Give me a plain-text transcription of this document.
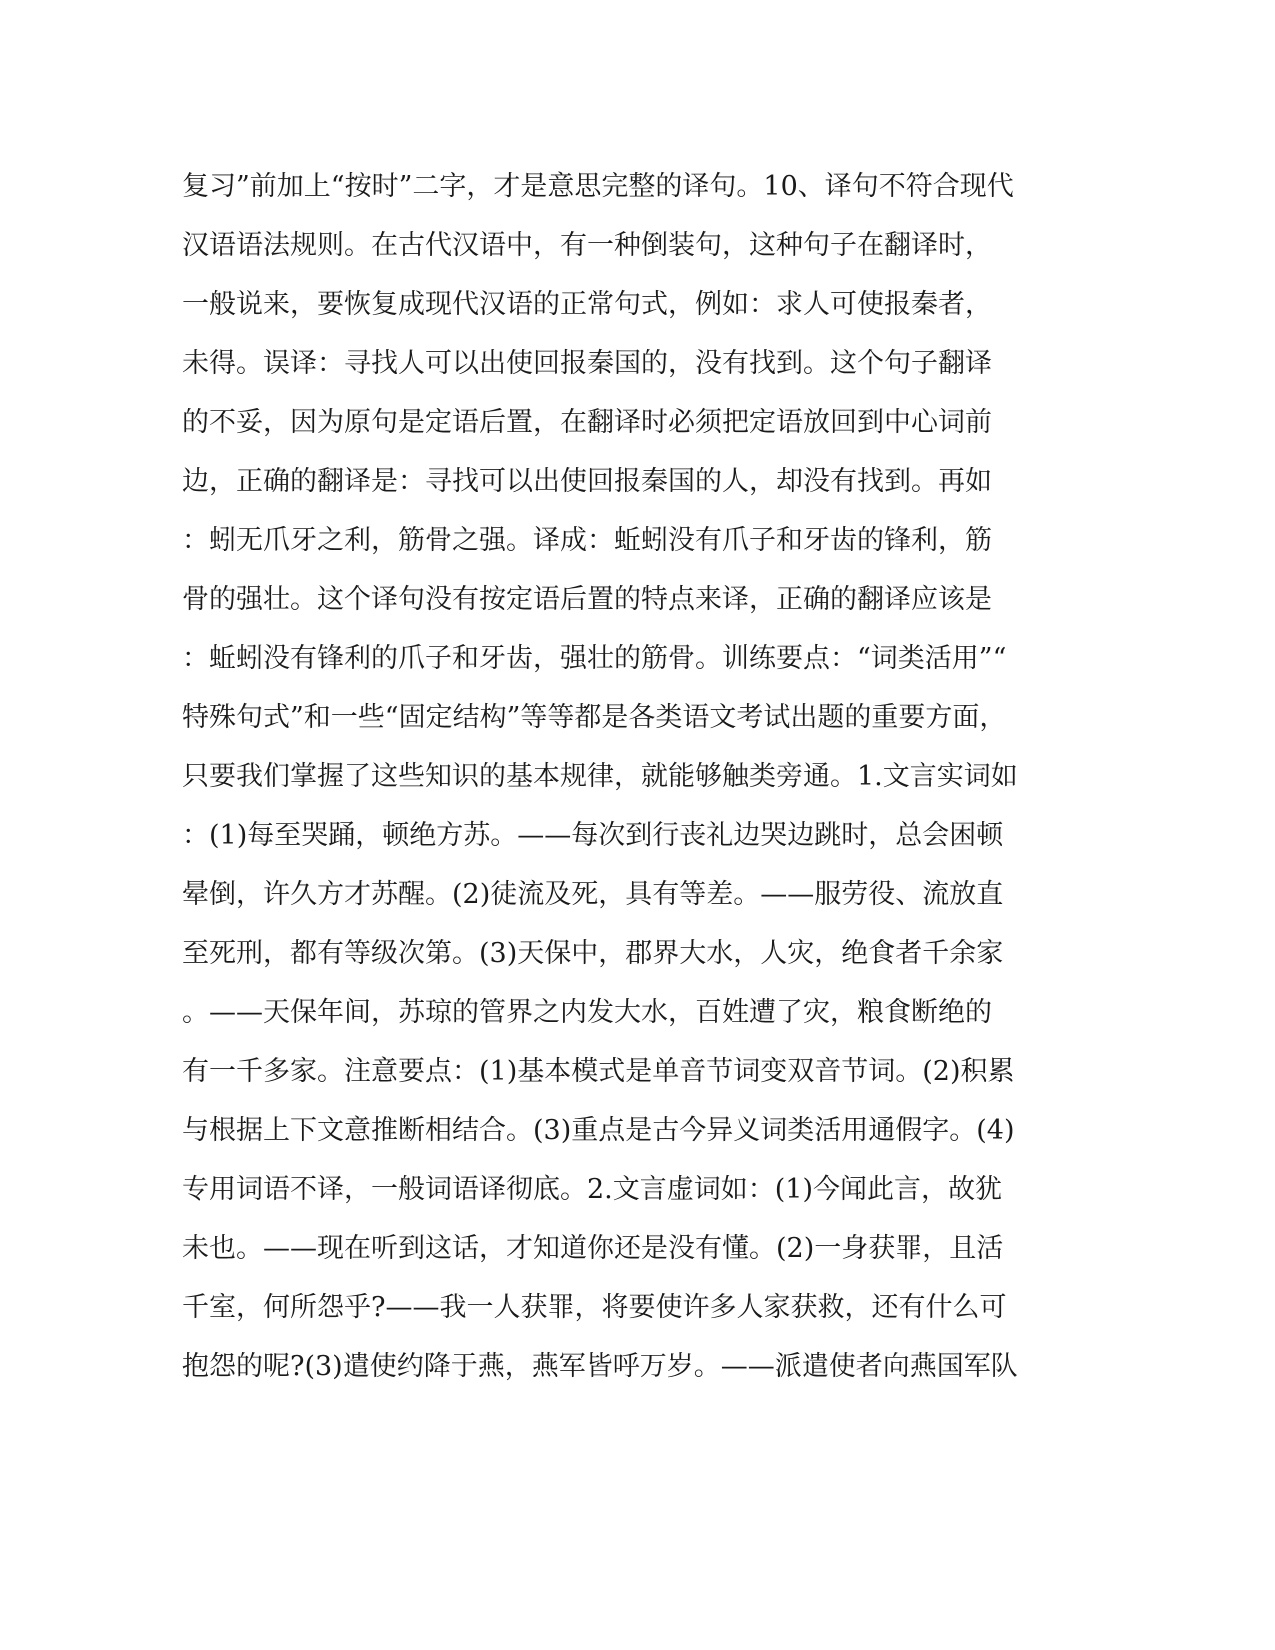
复习”前加上“按时”二字，才是意思完整的译句。10、译句不符合现代
汉语语法规则。在古代汉语中，有一种倒装句，这种句子在翻译时，
一般说来，要恢复成现代汉语的正常句式，例如：求人可使报秦者，
未得。误译：寻找人可以出使回报秦国的，没有找到。这个句子翻译
的不妥，因为原句是定语后置，在翻译时必须把定语放回到中心词前
边，正确的翻译是：寻找可以出使回报秦国的人，却没有找到。再如
：蚓无爪牙之利，筋骨之强。译成：蚯蚓没有爪子和牙齿的锋利，筋
骨的强壮。这个译句没有按定语后置的特点来译，正确的翻译应该是
：蚯蚓没有锋利的爪子和牙齿，强壮的筋骨。训练要点：“词类活用”“
特殊句式”和一些“固定结构”等等都是各类语文考试出题的重要方面，
只要我们掌握了这些知识的基本规律，就能够触类旁通。1.文言实词如
：(1)每至哭踊，顿绝方苏。——每次到行丧礼边哭边跳时，总会困顿
晕倒，许久方才苏醒。(2)徒流及死，具有等差。——服劳役、流放直
至死刑，都有等级次第。(3)天保中，郡界大水，人灾，绝食者千余家
。——天保年间，苏琼的管界之内发大水，百姓遭了灾，粮食断绝的
有一千多家。注意要点：(1)基本模式是单音节词变双音节词。(2)积累
与根据上下文意推断相结合。(3)重点是古今异义词类活用通假字。(4)
专用词语不译，一般词语译彻底。2.文言虚词如：(1)今闻此言，故犹
未也。——现在听到这话，才知道你还是没有懂。(2)一身获罪，且活
千室，何所怨乎?——我一人获罪，将要使许多人家获救，还有什么可
抱怨的呢?(3)遣使约降于燕，燕军皆呼万岁。——派遣使者向燕国军队
